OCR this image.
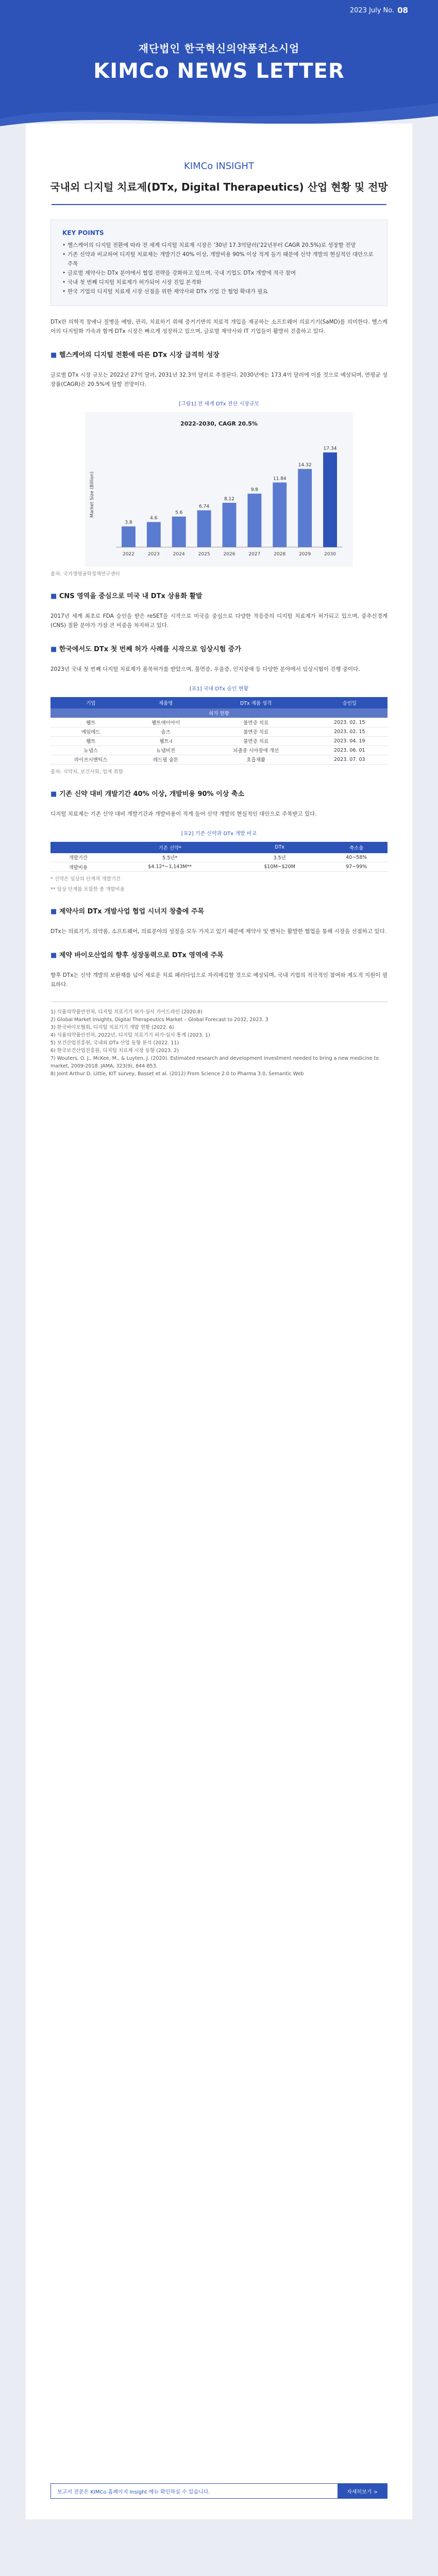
2023 July No. 08
재단법인 한국혁신의약품컨소시엄
KIMCo NEWS LETTER
KIMCo INSIGHT
국내외 디지털 치료제(DTx, Digital Therapeutics) 산업 현황 및 전망
KEY POINTS
• 헬스케어의 디지털 전환에 따라 전 세계 디지털 치료제 시장은 '30년 17.3억달러('22년부터 CAGR 20.5%)로 성장할 전망
• 기존 신약과 비교하여 디지털 치료제는 개발기간 40% 이상, 개발비용 90% 이상 적게 들기 때문에 신약 개발의 현실적인 대안으로 주목
• 글로벌 제약사는 DTx 분야에서 협업 전략을 강화하고 있으며, 국내 기업도 DTx 개발에 적극 참여
• 국내 첫 번째 디지털 치료제가 허가되어 시장 진입 본격화
• 한국 기업의 디지털 치료제 시장 선점을 위한 제약사와 DTx 기업 간 협업 확대가 필요

DTx란 의학적 장애나 질병을 예방, 관리, 치료하기 위해 증거기반의 치료적 개입을 제공하는 소프트웨어 의료기기(SaMD)를 의미한다. 헬스케어의 디지털화 가속과 함께 DTx 시장은 빠르게 성장하고 있으며, 글로벌 제약사와 IT 기업들이 활발히 진출하고 있다.

■ 헬스케어의 디지털 전환에 따른 DTx 시장 급격히 성장

글로벌 DTx 시장 규모는 2022년 27억 달러, 2031년 32.3억 달러로 추정된다. 2030년에는 173.4억 달러에 이를 것으로 예상되며, 연평균 성장률(CAGR)은 20.5%에 달할 전망이다.

[그림1] 전 세계 DTx 전산 시장규모
2022-2030, CAGR 20.5%
Market Size (Billion)
3.8
2022
4.6
2023
5.6
2024
6.74
2025
8.12
2026
9.8
2027
11.84
2028
14.32
2029
17.34
2030
출처: 국가생명공학정책연구센터
■ CNS 영역을 중심으로 미국 내 DTx 상용화 활발

2017년 세계 최초로 FDA 승인을 받은 reSET을 시작으로 미국을 중심으로 다양한 적응증의 디지털 치료제가 허가되고 있으며, 중추신경계(CNS) 질환 분야가 가장 큰 비중을 차지하고 있다.

■ 한국에서도 DTx 첫 번째 허가 사례를 시작으로 임상시험 증가

2023년 국내 첫 번째 디지털 치료제가 품목허가를 받았으며, 불면증, 우울증, 인지장애 등 다양한 분야에서 임상시험이 진행 중이다.

[표1] 국내 DTx 승인 현황
기업	제품명	DTx 제품 성격	승인일
허가 현황			
웰트	웰트에이아이	불면증 치료	2023. 02. 15
에임메드	솜즈	불면증 치료	2023. 02. 15
웰트	웰트-I	불면증 치료	2023. 04. 19
뉴냅스	뉴냅비전	뇌졸중 시야장애 개선	2023. 06. 01
라이프시맨틱스	레드필 숨튼	호흡재활	2023. 07. 03
출처: 식약처, 보건사회, 업계 취합
■ 기존 신약 대비 개발기간 40% 이상, 개발비용 90% 이상 축소

디지털 치료제는 기존 신약 대비 개발기간과 개발비용이 적게 들어 신약 개발의 현실적인 대안으로 주목받고 있다.

[표2] 기존 신약과 DTx 개발 비교
	기존 신약*	DTx	축소율
개발기간	5.5년*	3.5년	40~58%
개발비용	$4.12*~1,143M**	$10M~$20M	97~99%
* 신약은 임상의 단계적 개발기간
** 임상 단계를 포함한 총 개발비용
■ 제약사의 DTx 개발사업 협업 시너지 창출에 주목

DTx는 의료기기, 의약품, 소프트웨어, 의료분야의 성질을 모두 가지고 있기 때문에 제약사 및 벤처는 활발한 협업을 통해 시장을 선점하고 있다.

■ 제약 바이오산업의 향후 성장동력으로 DTx 영역에 주목

향후 DTx는 신약 개발의 보완재를 넘어 새로운 치료 패러다임으로 자리매김할 것으로 예상되며, 국내 기업의 적극적인 참여와 제도적 지원이 필요하다.

1) 식품의약품안전처, 디지털 치료기기 허가·심사 가이드라인 (2020.8)
2) Global Market Insights, Digital Therapeutics Market – Global Forecast to 2032, 2023. 3
3) 한국바이오협회, 디지털 치료기기 개발 현황 (2022. 6)
4) 식품의약품안전처, 2022년, 디지털 치료기기 허가·심사 통계 (2023. 1)
5) 보건산업진흥원, 국내외 DTx 산업 동향 분석 (2022. 11)
6) 한국보건산업진흥원, 디지털 치료제 시장 동향 (2023. 2)
7) Wouters, O. J., McKee, M., & Luyten, J. (2020). Estimated research and development investment needed to bring a new medicine to market, 2009-2018. JAMA, 323(9), 844-853.
8) Joint Arthur D. Little, KIT survey, Basset et al. (2012) From Science 2.0 to Pharma 3.0, Semantic Web
보고서 전문은 KIMCo 홈페이지 Insight 메뉴 확인하실 수 있습니다.	자세히보기 >
